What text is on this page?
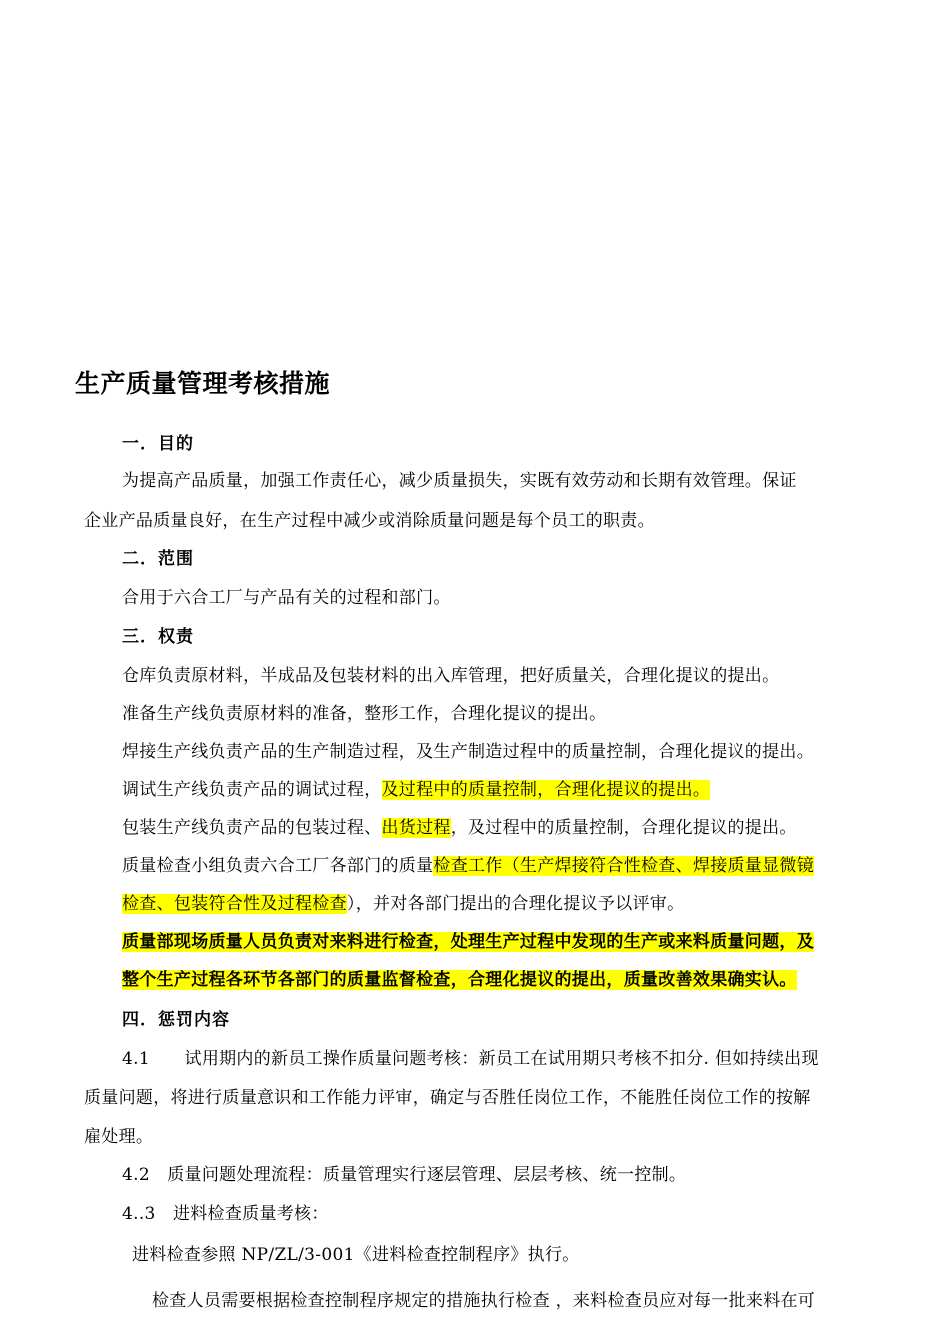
生产质量管理考核措施
一．目的
为提高产品质量，加强工作责任心，减少质量损失，实既有效劳动和长期有效管理。保证
企业产品质量良好，在生产过程中减少或消除质量问题是每个员工的职责。
二．范围
合用于六合工厂与产品有关的过程和部门。
三．权责
仓库负责原材料，半成品及包装材料的出入库管理，把好质量关，合理化提议的提出。
准备生产线负责原材料的准备，整形工作，合理化提议的提出。
焊接生产线负责产品的生产制造过程，及生产制造过程中的质量控制，合理化提议的提出。
调试生产线负责产品的调试过程，及过程中的质量控制，合理化提议的提出。
包装生产线负责产品的包装过程、出货过程，及过程中的质量控制，合理化提议的提出。
质量检查小组负责六合工厂各部门的质量检查工作（生产焊接符合性检查、焊接质量显微镜
检查、包装符合性及过程检查），并对各部门提出的合理化提议予以评审。
质量部现场质量人员负责对来料进行检查，处理生产过程中发现的生产或来料质量问题，及
整个生产过程各环节各部门的质量监督检查，合理化提议的提出，质量改善效果确实认。
四．惩罚内容
4.1　　试用期内的新员工操作质量问题考核：新员工在试用期只考核不扣分. 但如持续出现
质量问题，将进行质量意识和工作能力评审，确定与否胜任岗位工作，不能胜任岗位工作的按解
雇处理。
4.2　质量问题处理流程：质量管理实行逐层管理、层层考核、统一控制。
4..3　进料检查质量考核：
进料检查参照 NP/ZL/3-001《进料检查控制程序》执行。
检查人员需要根据检查控制程序规定的措施执行检查 ，来料检查员应对每一批来料在可
